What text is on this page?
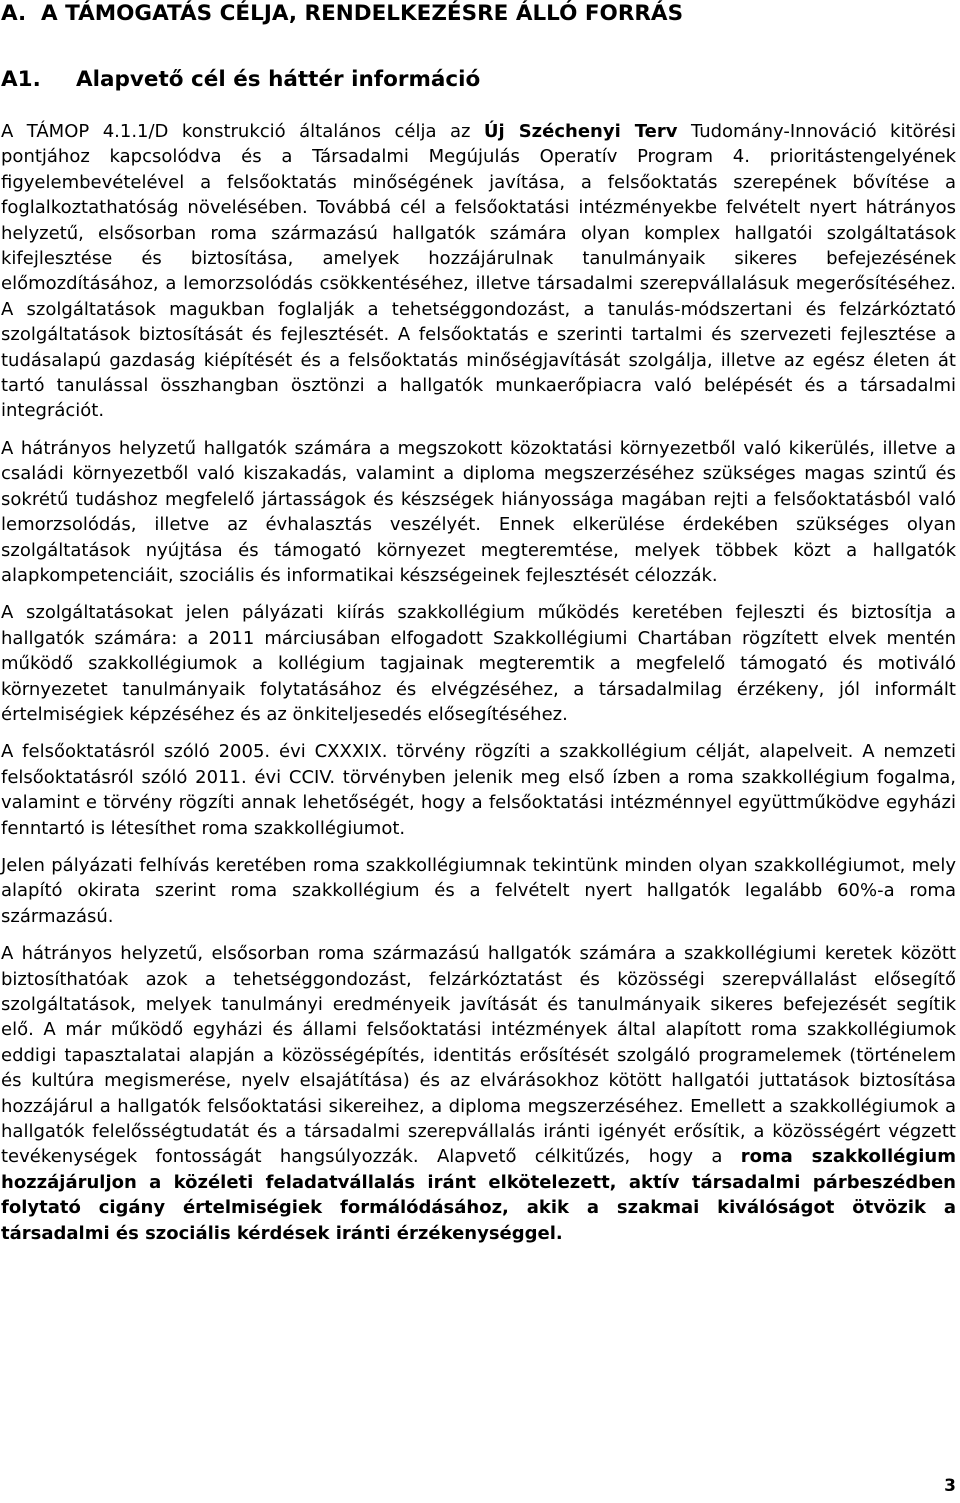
A. A TÁMOGATÁS CÉLJA, RENDELKEZÉSRE ÁLLÓ FORRÁS
A1. Alapvető cél és háttér információ

A TÁMOP 4.1.1/D konstrukció általános célja az Új Széchenyi Terv Tudomány-Innováció kitörési pontjához kapcsolódva és a Társadalmi Megújulás Operatív Program 4. prioritástengelyének figyelembevételével a felsőoktatás minőségének javítása, a felsőoktatás szerepének bővítése a foglalkoztathatóság növelésében. Továbbá cél a felsőoktatási intézményekbe felvételt nyert hátrányos helyzetű, elsősorban roma származású hallgatók számára olyan komplex hallgatói szolgáltatások kifejlesztése és biztosítása, amelyek hozzájárulnak tanulmányaik sikeres befejezésének előmozdításához, a lemorzsolódás csökkentéséhez, illetve társadalmi szerepvállalásuk megerősítéséhez. A szolgáltatások magukban foglalják a tehetséggondozást, a tanulás-módszertani és felzárkóztató szolgáltatások biztosítását és fejlesztését. A felsőoktatás e szerinti tartalmi és szervezeti fejlesztése a tudásalapú gazdaság kiépítését és a felsőoktatás minőségjavítását szolgálja, illetve az egész életen át tartó tanulással összhangban ösztönzi a hallgatók munkaerőpiacra való belépését és a társadalmi integrációt.

A hátrányos helyzetű hallgatók számára a megszokott közoktatási környezetből való kikerülés, illetve a családi környezetből való kiszakadás, valamint a diploma megszerzéséhez szükséges magas szintű és sokrétű tudáshoz megfelelő jártasságok és készségek hiányossága magában rejti a felsőoktatásból való lemorzsolódás, illetve az évhalasztás veszélyét. Ennek elkerülése érdekében szükséges olyan szolgáltatások nyújtása és támogató környezet megteremtése, melyek többek közt a hallgatók alapkompetenciáit, szociális és informatikai készségeinek fejlesztését célozzák.

A szolgáltatásokat jelen pályázati kiírás szakkollégium működés keretében fejleszti és biztosítja a hallgatók számára: a 2011 márciusában elfogadott Szakkollégiumi Chartában rögzített elvek mentén működő szakkollégiumok a kollégium tagjainak megteremtik a megfelelő támogató és motiváló környezetet tanulmányaik folytatásához és elvégzéséhez, a társadalmilag érzékeny, jól informált értelmiségiek képzéséhez és az önkiteljesedés elősegítéséhez.

A felsőoktatásról szóló 2005. évi CXXXIX. törvény rögzíti a szakkollégium célját, alapelveit. A nemzeti felsőoktatásról szóló 2011. évi CCIV. törvényben jelenik meg első ízben a roma szakkollégium fogalma, valamint e törvény rögzíti annak lehetőségét, hogy a felsőoktatási intézménnyel együttműködve egyházi fenntartó is létesíthet roma szakkollégiumot.

Jelen pályázati felhívás keretében roma szakkollégiumnak tekintünk minden olyan szakkollégiumot, mely alapító okirata szerint roma szakkollégium és a felvételt nyert hallgatók legalább 60%-a roma származású.

A hátrányos helyzetű, elsősorban roma származású hallgatók számára a szakkollégiumi keretek között biztosíthatóak azok a tehetséggondozást, felzárkóztatást és közösségi szerepvállalást elősegítő szolgáltatások, melyek tanulmányi eredményeik javítását és tanulmányaik sikeres befejezését segítik elő. A már működő egyházi és állami felsőoktatási intézmények által alapított roma szakkollégiumok eddigi tapasztalatai alapján a közösségépítés, identitás erősítését szolgáló programelemek (történelem és kultúra megismerése, nyelv elsajátítása) és az elvárásokhoz kötött hallgatói juttatások biztosítása hozzájárul a hallgatók felsőoktatási sikereihez, a diploma megszerzéséhez. Emellett a szakkollégiumok a hallgatók felelősségtudatát és a társadalmi szerepvállalás iránti igényét erősítik, a közösségért végzett tevékenységek fontosságát hangsúlyozzák. Alapvető célkitűzés, hogy a roma szakkollégium hozzájáruljon a közéleti feladatvállalás iránt elkötelezett, aktív társadalmi párbeszédben folytató cigány értelmiségiek formálódásához, akik a szakmai kiválóságot ötvözik a társadalmi és szociális kérdések iránti érzékenységgel.

3
